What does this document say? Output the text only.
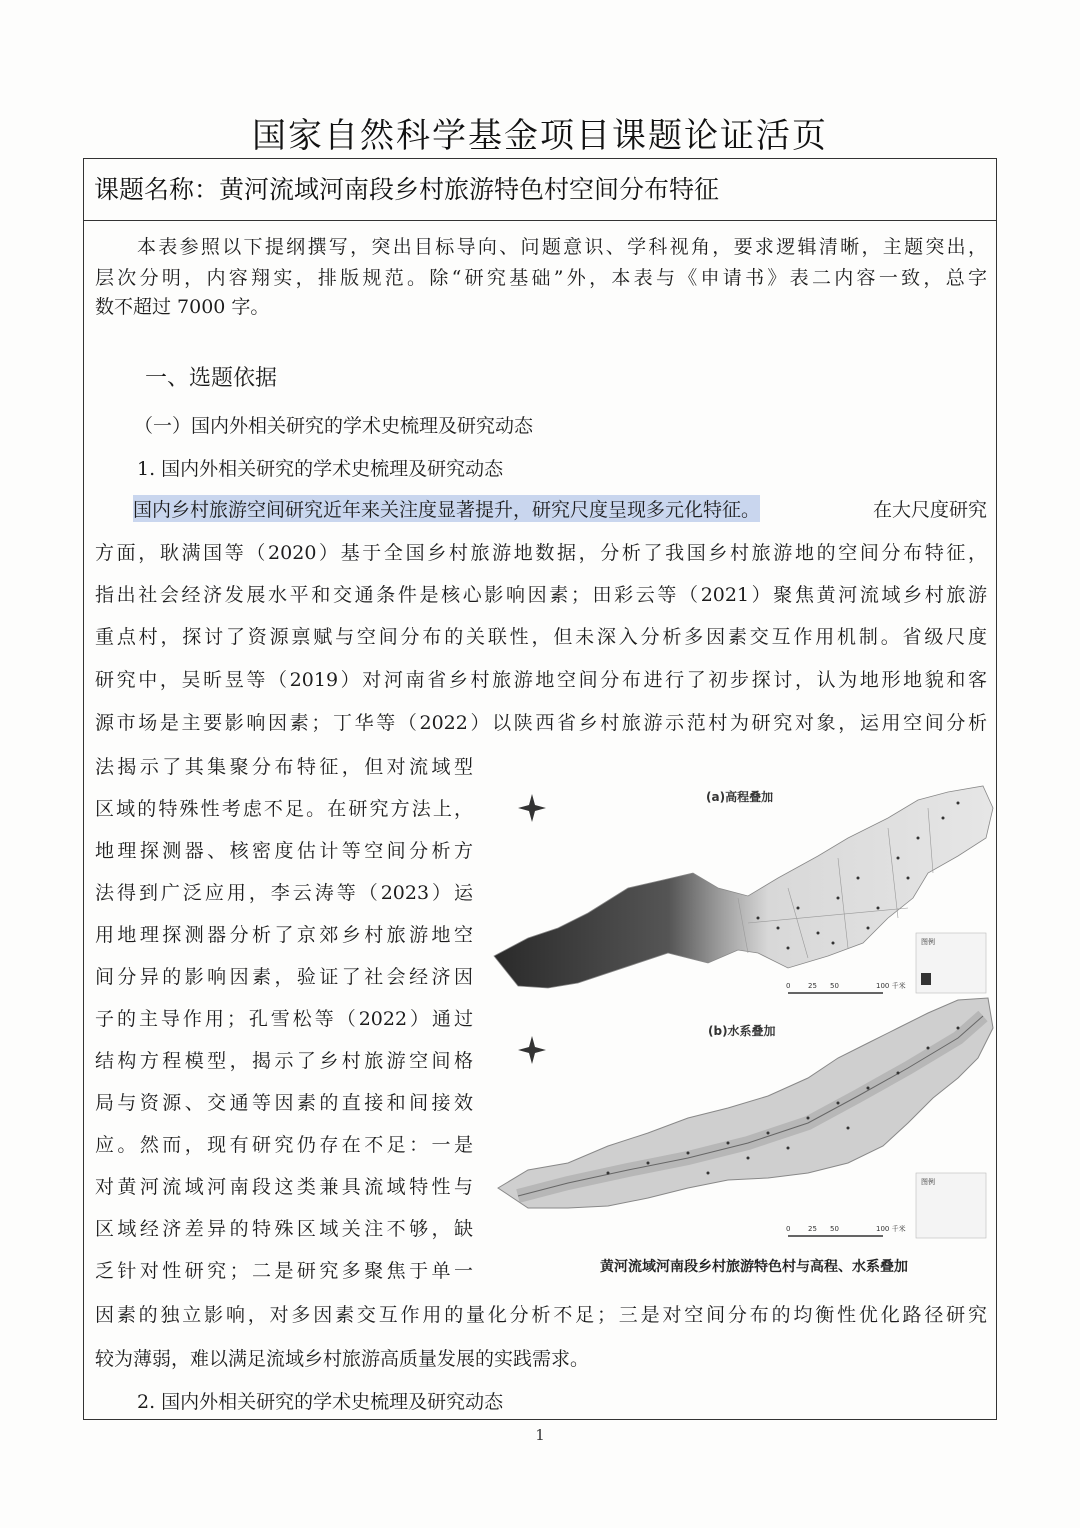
国家自然科学基金项目课题论证活页
课题名称：黄河流域河南段乡村旅游特色村空间分布特征
本表参照以下提纲撰写，突出目标导向、问题意识、学科视角，要求逻辑清晰，主题突出，
层次分明，内容翔实，排版规范。除“研究基础”外，本表与《申请书》表二内容一致，总字
数不超过 7000 字。
一、选题依据
（一）国内外相关研究的学术史梳理及研究动态
1. 国内外相关研究的学术史梳理及研究动态
国内乡村旅游空间研究近年来关注度显著提升，研究尺度呈现多元化特征。	在大尺度研究
方面，耿满国等（2020）基于全国乡村旅游地数据，分析了我国乡村旅游地的空间分布特征，
指出社会经济发展水平和交通条件是核心影响因素；田彩云等（2021）聚焦黄河流域乡村旅游
重点村，探讨了资源禀赋与空间分布的关联性，但未深入分析多因素交互作用机制。省级尺度
研究中，吴昕昱等（2019）对河南省乡村旅游地空间分布进行了初步探讨，认为地形地貌和客
源市场是主要影响因素；丁华等（2022）以陕西省乡村旅游示范村为研究对象，运用空间分析
法揭示了其集聚分布特征，但对流域型
区域的特殊性考虑不足。在研究方法上，
地理探测器、核密度估计等空间分析方
法得到广泛应用，李云涛等（2023）运
用地理探测器分析了京郊乡村旅游地空
间分异的影响因素，验证了社会经济因
子的主导作用；孔雪松等（2022）通过
结构方程模型，揭示了乡村旅游空间格
局与资源、交通等因素的直接和间接效
应。然而，现有研究仍存在不足：一是
对黄河流域河南段这类兼具流域特性与
区域经济差异的特殊区域关注不够，缺
乏针对性研究；二是研究多聚焦于单一
因素的独立影响，对多因素交互作用的量化分析不足；三是对空间分布的均衡性优化路径研究
较为薄弱，难以满足流域乡村旅游高质量发展的实践需求。
2. 国内外相关研究的学术史梳理及研究动态
图例
0	25 50	100 千米
图例
0	25 50	100 千米
(a)高程叠加
(b)水系叠加
黄河流域河南段乡村旅游特色村与高程、水系叠加
1
